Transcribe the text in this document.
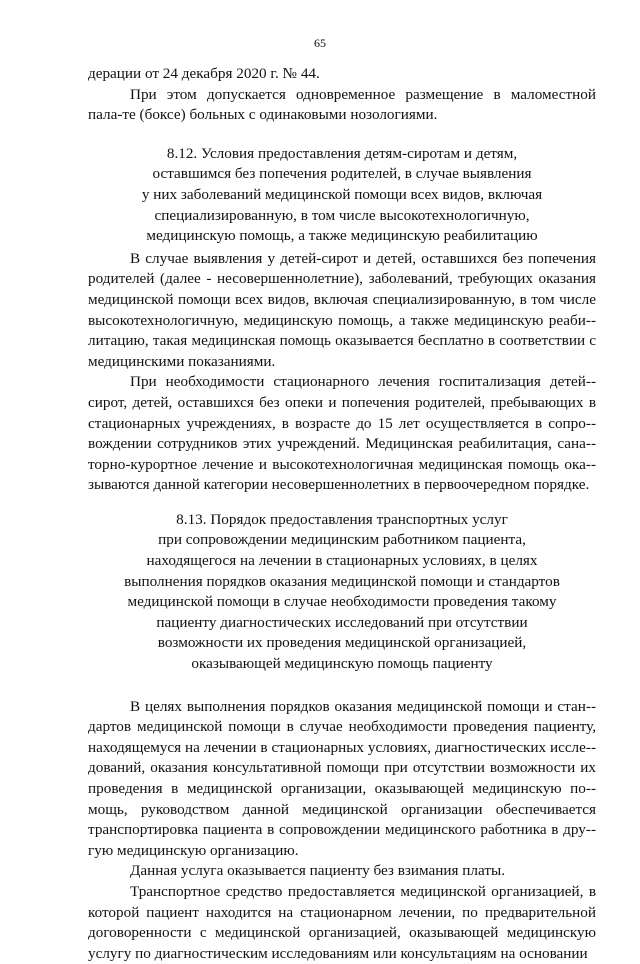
65

дерации от 24 декабря 2020 г. № 44.

При этом допускается одновременное размещение в маломестной пала-те (боксе) больных с одинаковыми нозологиями.

8.12. Условия предоставления детям-сиротам и детям,
оставшимся без попечения родителей, в случае выявления
у них заболеваний медицинской помощи всех видов, включая
специализированную, в том числе высокотехнологичную,
медицинскую помощь, а также медицинскую реабилитацию

В случае выявления у детей-сирот и детей, оставшихся без попечения родителей (далее - несовершеннолетние), заболеваний, требующих оказания медицинской помощи всех видов, включая специализированную, в том числе высокотехнологичную, медицинскую помощь, а также медицинскую реаби-литацию, такая медицинская помощь оказывается бесплатно в соответствии с медицинскими показаниями.

При необходимости стационарного лечения госпитализация детей-сирот, детей, оставшихся без опеки и попечения родителей, пребывающих в стационарных учреждениях, в возрасте до 15 лет осуществляется в сопро-вождении сотрудников этих учреждений. Медицинская реабилитация, сана-торно-курортное лечение и высокотехнологичная медицинская помощь ока-зываются данной категории несовершеннолетних в первоочередном порядке.

8.13. Порядок предоставления транспортных услуг
при сопровождении медицинским работником пациента,
находящегося на лечении в стационарных условиях, в целях
выполнения порядков оказания медицинской помощи и стандартов
медицинской помощи в случае необходимости проведения такому
пациенту диагностических исследований при отсутствии
возможности их проведения медицинской организацией,
оказывающей медицинскую помощь пациенту

В целях выполнения порядков оказания медицинской помощи и стан-дартов медицинской помощи в случае необходимости проведения пациенту, находящемуся на лечении в стационарных условиях, диагностических иссле-дований, оказания консультативной помощи при отсутствии возможности их проведения в медицинской организации, оказывающей медицинскую по-мощь, руководством данной медицинской организации обеспечивается транспортировка пациента в сопровождении медицинского работника в дру-гую медицинскую организацию.

Данная услуга оказывается пациенту без взимания платы.

Транспортное средство предоставляется медицинской организацией, в которой пациент находится на стационарном лечении, по предварительной договоренности с медицинской организацией, оказывающей медицинскую услугу по диагностическим исследованиям или консультациям на основании
